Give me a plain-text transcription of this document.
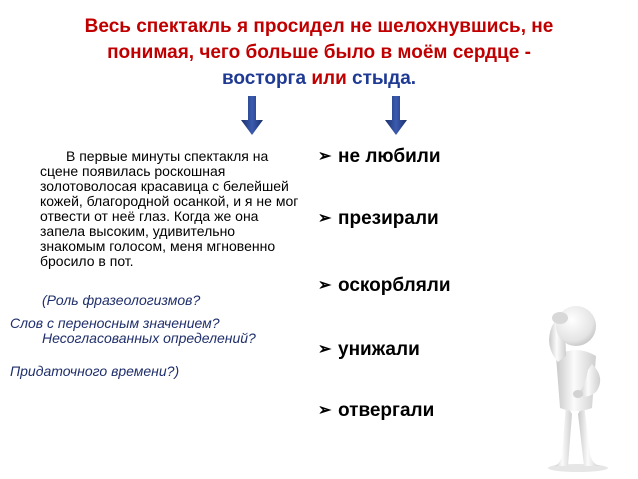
Весь спектакль я просидел не шелохнувшись, не
понимая, чего больше было в моём сердце -
восторга или стыда.

В первые минуты спектакля на сцене появилась роскошная золотоволосая красавица с белейшей кожей, благородной осанкой, и я не мог отвести от неё глаз. Когда же она запела высоким, удивительно знакомым голосом, меня мгновенно бросило в пот.

(Роль фразеологизмов?
Слов с переносным значением?
Несогласованных определений?
Придаточного времени?)
➢ не любили
➢ презирали
➢ оскорбляли
➢ унижали
➢ отвергали
